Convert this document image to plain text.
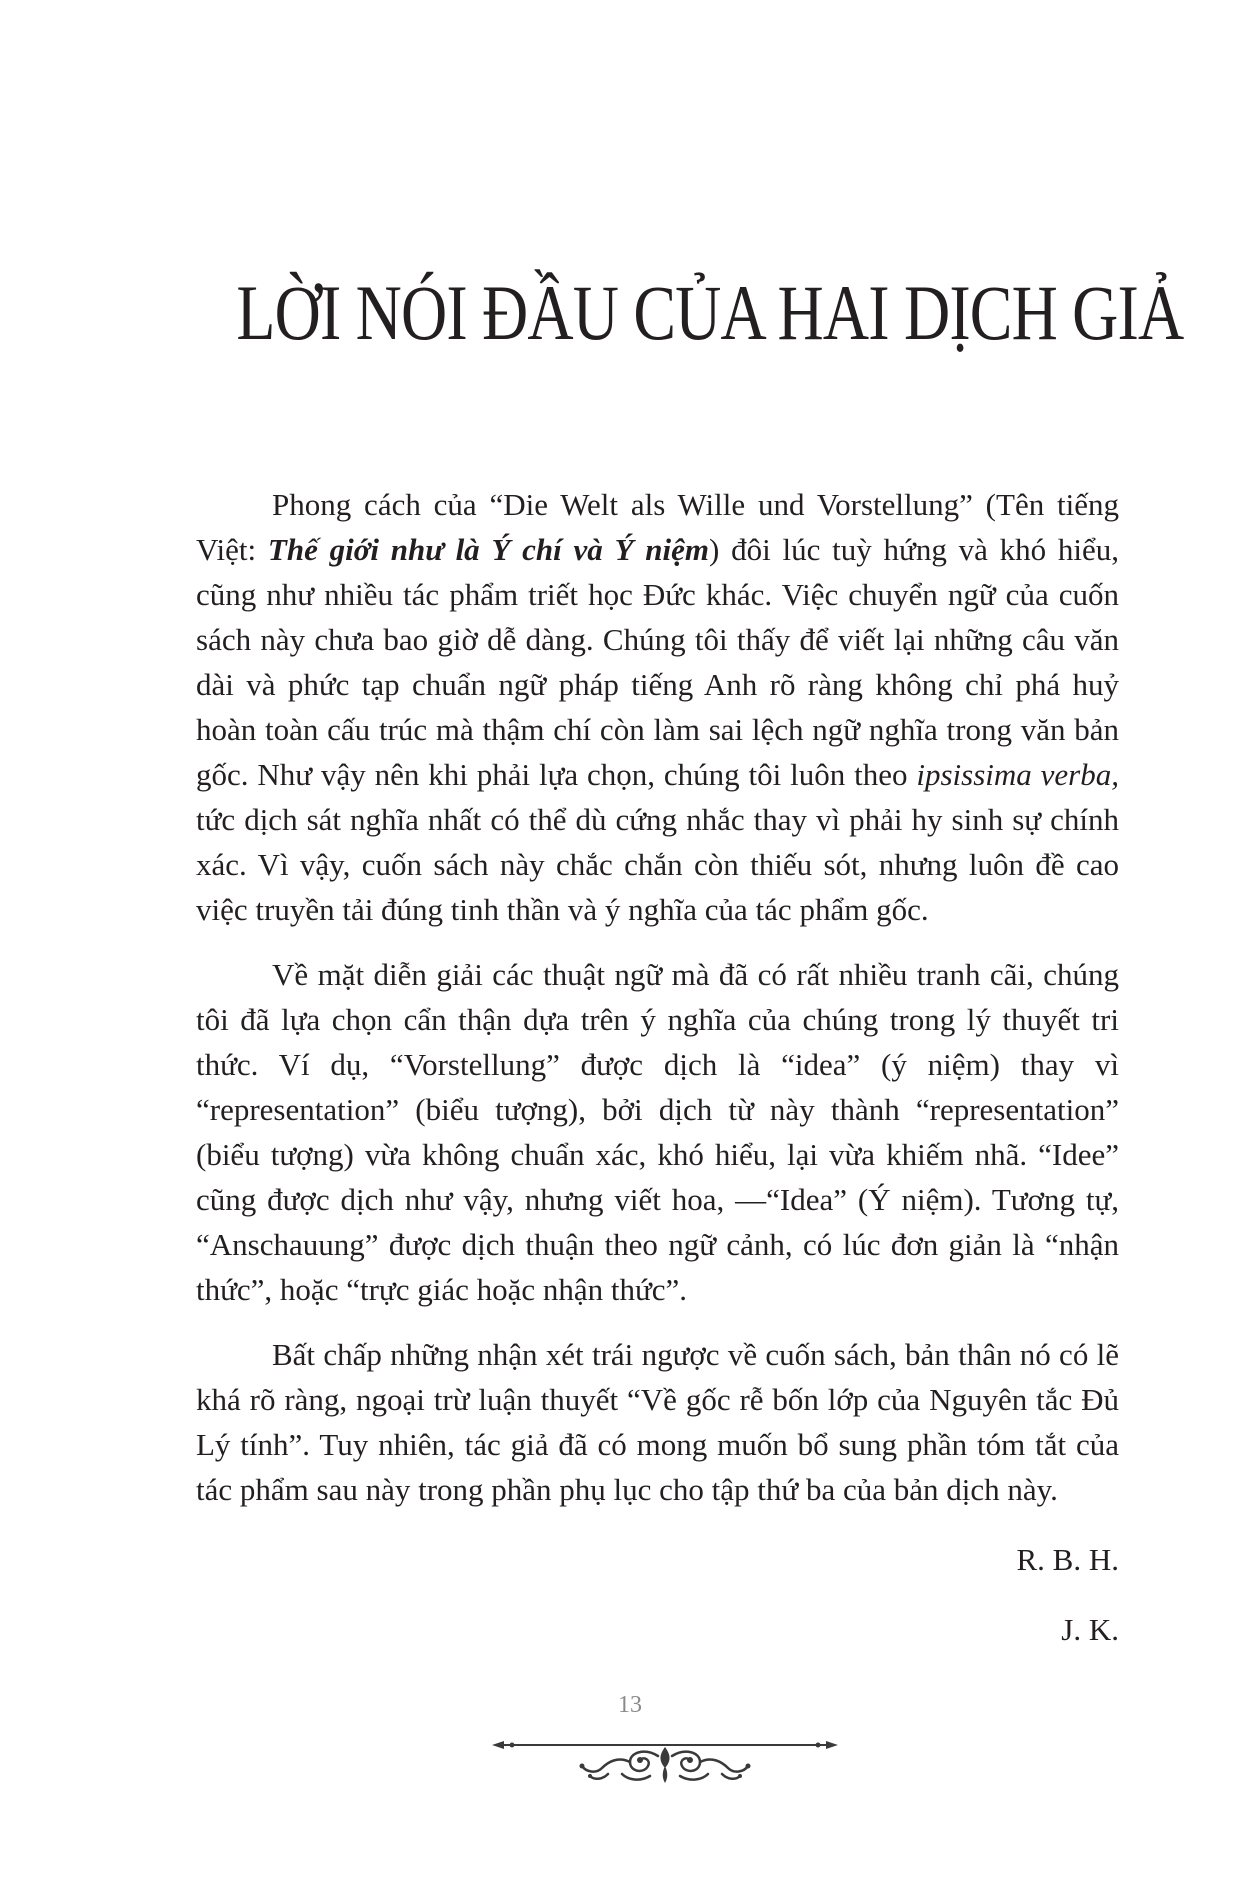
LỜI NÓI ĐẦU CỦA HAI DỊCH GIẢ

Phong cách của “Die Welt als Wille und Vorstellung” (Tên tiếng Việt: Thế giới như là Ý chí và Ý niệm) đôi lúc tuỳ hứng và khó hiểu, cũng như nhiều tác phẩm triết học Đức khác. Việc chuyển ngữ của cuốn sách này chưa bao giờ dễ dàng. Chúng tôi thấy để viết lại những câu văn dài và phức tạp chuẩn ngữ pháp tiếng Anh rõ ràng không chỉ phá huỷ hoàn toàn cấu trúc mà thậm chí còn làm sai lệch ngữ nghĩa trong văn bản gốc. Như vậy nên khi phải lựa chọn, chúng tôi luôn theo ipsissima verba, tức dịch sát nghĩa nhất có thể dù cứng nhắc thay vì phải hy sinh sự chính xác. Vì vậy, cuốn sách này chắc chắn còn thiếu sót, nhưng luôn đề cao việc truyền tải đúng tinh thần và ý nghĩa của tác phẩm gốc.

Về mặt diễn giải các thuật ngữ mà đã có rất nhiều tranh cãi, chúng tôi đã lựa chọn cẩn thận dựa trên ý nghĩa của chúng trong lý thuyết tri thức. Ví dụ, “Vorstellung” được dịch là “idea” (ý niệm) thay vì “representation” (biểu tượng), bởi dịch từ này thành “representation” (biểu tượng) vừa không chuẩn xác, khó hiểu, lại vừa khiếm nhã. “Idee” cũng được dịch như vậy, nhưng viết hoa, —“Idea” (Ý niệm). Tương tự, “Anschauung” được dịch thuận theo ngữ cảnh, có lúc đơn giản là “nhận thức”, hoặc “trực giác hoặc nhận thức”.

Bất chấp những nhận xét trái ngược về cuốn sách, bản thân nó có lẽ khá rõ ràng, ngoại trừ luận thuyết “Về gốc rễ bốn lớp của Nguyên tắc Đủ Lý tính”. Tuy nhiên, tác giả đã có mong muốn bổ sung phần tóm tắt của tác phẩm sau này trong phần phụ lục cho tập thứ ba của bản dịch này.

R. B. H.
J. K.
13
